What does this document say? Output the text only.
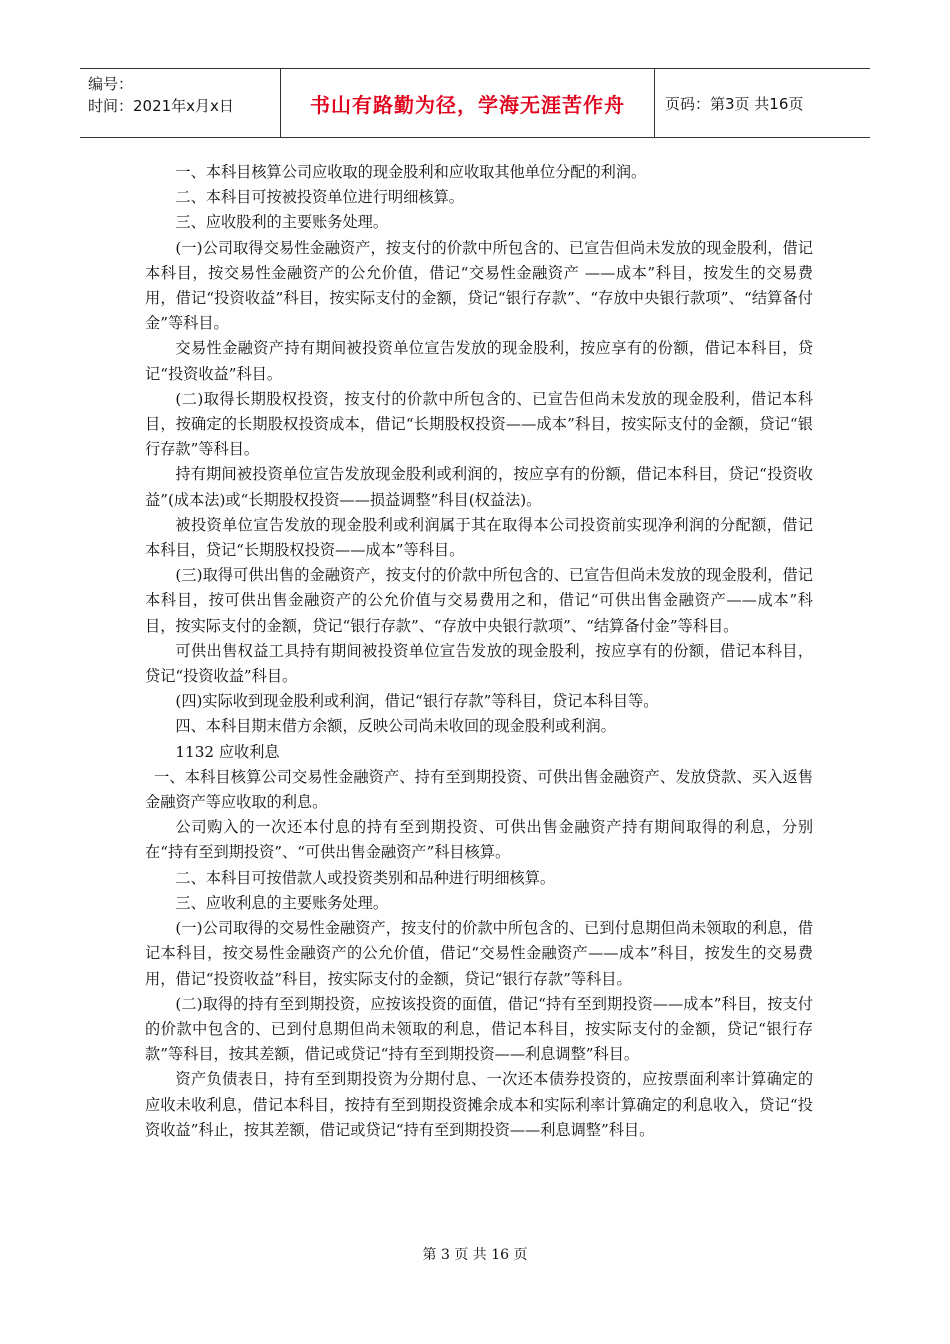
编号：
时间：2021年x月x日	书山有路勤为径，学海无涯苦作舟	页码：第3页 共16页

一、本科目核算公司应收取的现金股利和应收取其他单位分配的利润。

二、本科目可按被投资单位进行明细核算。

三、应收股利的主要账务处理。

(一)公司取得交易性金融资产，按支付的价款中所包含的、已宣告但尚未发放的现金股利，借记本科目，按交易性金融资产的公允价值，借记“交易性金融资产 ——成本”科目，按发生的交易费用，借记“投资收益”科目，按实际支付的金额，贷记“银行存款”、“存放中央银行款项”、“结算备付金”等科目。

交易性金融资产持有期间被投资单位宣告发放的现金股利，按应享有的份额，借记本科目，贷记“投资收益”科目。

(二)取得长期股权投资，按支付的价款中所包含的、已宣告但尚未发放的现金股利，借记本科目，按确定的长期股权投资成本，借记“长期股权投资——成本”科目，按实际支付的金额，贷记“银行存款”等科目。

持有期间被投资单位宣告发放现金股利或利润的，按应享有的份额，借记本科目，贷记“投资收益”(成本法)或“长期股权投资——损益调整”科目(权益法)。

被投资单位宣告发放的现金股利或利润属于其在取得本公司投资前实现净利润的分配额，借记本科目，贷记“长期股权投资——成本”等科目。

(三)取得可供出售的金融资产，按支付的价款中所包含的、已宣告但尚未发放的现金股利，借记本科目，按可供出售金融资产的公允价值与交易费用之和，借记“可供出售金融资产——成本”科目，按实际支付的金额，贷记“银行存款”、“存放中央银行款项”、“结算备付金”等科目。

可供出售权益工具持有期间被投资单位宣告发放的现金股利，按应享有的份额，借记本科目，贷记“投资收益”科目。

(四)实际收到现金股利或利润，借记“银行存款”等科目，贷记本科目等。

四、本科目期末借方余额，反映公司尚未收回的现金股利或利润。

1132 应收利息

一、本科目核算公司交易性金融资产、持有至到期投资、可供出售金融资产、发放贷款、买入返售金融资产等应收取的利息。

公司购入的一次还本付息的持有至到期投资、可供出售金融资产持有期间取得的利息，分别在“持有至到期投资”、“可供出售金融资产”科目核算。

二、本科目可按借款人或投资类别和品种进行明细核算。

三、应收利息的主要账务处理。

(一)公司取得的交易性金融资产，按支付的价款中所包含的、已到付息期但尚未领取的利息，借记本科目，按交易性金融资产的公允价值，借记“交易性金融资产——成本”科目，按发生的交易费用，借记“投资收益”科目，按实际支付的金额，贷记“银行存款”等科目。

(二)取得的持有至到期投资，应按该投资的面值，借记“持有至到期投资——成本”科目，按支付的价款中包含的、已到付息期但尚未领取的利息，借记本科目，按实际支付的金额，贷记“银行存款”等科目，按其差额，借记或贷记“持有至到期投资——利息调整”科目。

资产负债表日，持有至到期投资为分期付息、一次还本债券投资的，应按票面利率计算确定的应收未收利息，借记本科目，按持有至到期投资摊余成本和实际利率计算确定的利息收入，贷记“投资收益”科止，按其差额，借记或贷记“持有至到期投资——利息调整”科目。

第 3 页 共 16 页
